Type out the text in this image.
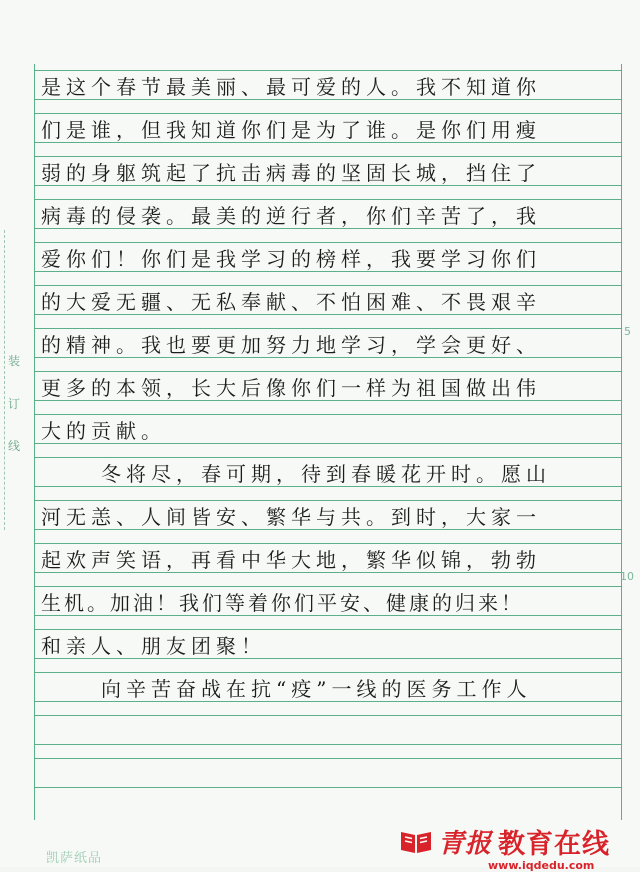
装
订
线
是这个春节最美丽、最可爱的人。我不知道你
们是谁，但我知道你们是为了谁。是你们用瘦
弱的身躯筑起了抗击病毒的坚固长城，挡住了
病毒的侵袭。最美的逆行者，你们辛苦了，我
爱你们！你们是我学习的榜样，我要学习你们
的大爱无疆、无私奉献、不怕困难、不畏艰辛
的精神。我也要更加努力地学习，学会更好、
更多的本领，长大后像你们一样为祖国做出伟
大的贡献。
冬将尽，春可期，待到春暖花开时。愿山
河无恙、人间皆安、繁华与共。到时，大家一
起欢声笑语，再看中华大地，繁华似锦，勃勃
生机。加油！我们等着你们平安、健康的归来！
和亲人、朋友团聚！
向辛苦奋战在抗“疫”一线的医务工作人
5
10
凯萨纸品	青报 教育在线
www.iqdedu.com
